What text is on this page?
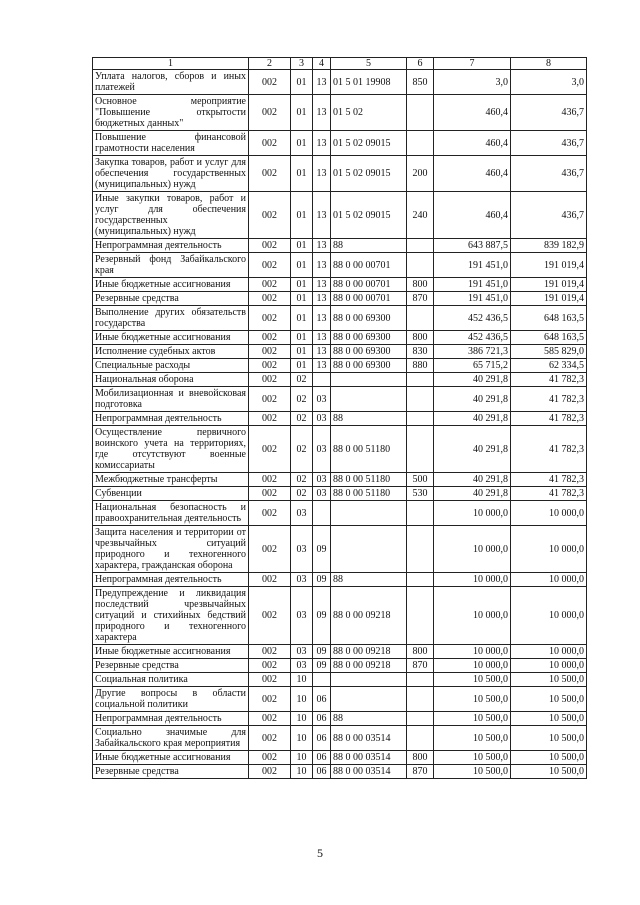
1	2	3	4	5	6	7	8
Уплата налогов, сборов и иных платежей	002	01	13	01 5 01 19908	850	3,0	3,0
Основное мероприятие "Повышение открытости бюджетных данных"	002	01	13	01 5 02		460,4	436,7
Повышение финансовой грамотности населения	002	01	13	01 5 02 09015		460,4	436,7
Закупка товаров, работ и услуг для обеспечения государственных (муниципальных) нужд	002	01	13	01 5 02 09015	200	460,4	436,7
Иные закупки товаров, работ и услуг для обеспечения государственных (муниципальных) нужд	002	01	13	01 5 02 09015	240	460,4	436,7
Непрограммная деятельность	002	01	13	88		643 887,5	839 182,9
Резервный фонд Забайкальского края	002	01	13	88 0 00 00701		191 451,0	191 019,4
Иные бюджетные ассигнования	002	01	13	88 0 00 00701	800	191 451,0	191 019,4
Резервные средства	002	01	13	88 0 00 00701	870	191 451,0	191 019,4
Выполнение других обязательств государства	002	01	13	88 0 00 69300		452 436,5	648 163,5
Иные бюджетные ассигнования	002	01	13	88 0 00 69300	800	452 436,5	648 163,5
Исполнение судебных актов	002	01	13	88 0 00 69300	830	386 721,3	585 829,0
Специальные расходы	002	01	13	88 0 00 69300	880	65 715,2	62 334,5
Национальная оборона	002	02				40 291,8	41 782,3
Мобилизационная и вневойсковая подготовка	002	02	03			40 291,8	41 782,3
Непрограммная деятельность	002	02	03	88		40 291,8	41 782,3
Осуществление первичного воинского учета на территориях, где отсутствуют военные комиссариаты	002	02	03	88 0 00 51180		40 291,8	41 782,3
Межбюджетные трансферты	002	02	03	88 0 00 51180	500	40 291,8	41 782,3
Субвенции	002	02	03	88 0 00 51180	530	40 291,8	41 782,3
Национальная безопасность и правоохранительная деятельность	002	03				10 000,0	10 000,0
Защита населения и территории от чрезвычайных ситуаций природного и техногенного характера, гражданская оборона	002	03	09			10 000,0	10 000,0
Непрограммная деятельность	002	03	09	88		10 000,0	10 000,0
Предупреждение и ликвидация последствий чрезвычайных ситуаций и стихийных бедствий природного и техногенного характера	002	03	09	88 0 00 09218		10 000,0	10 000,0
Иные бюджетные ассигнования	002	03	09	88 0 00 09218	800	10 000,0	10 000,0
Резервные средства	002	03	09	88 0 00 09218	870	10 000,0	10 000,0
Социальная политика	002	10				10 500,0	10 500,0
Другие вопросы в области социальной политики	002	10	06			10 500,0	10 500,0
Непрограммная деятельность	002	10	06	88		10 500,0	10 500,0
Социально значимые для Забайкальского края мероприятия	002	10	06	88 0 00 03514		10 500,0	10 500,0
Иные бюджетные ассигнования	002	10	06	88 0 00 03514	800	10 500,0	10 500,0
Резервные средства	002	10	06	88 0 00 03514	870	10 500,0	10 500,0
5
